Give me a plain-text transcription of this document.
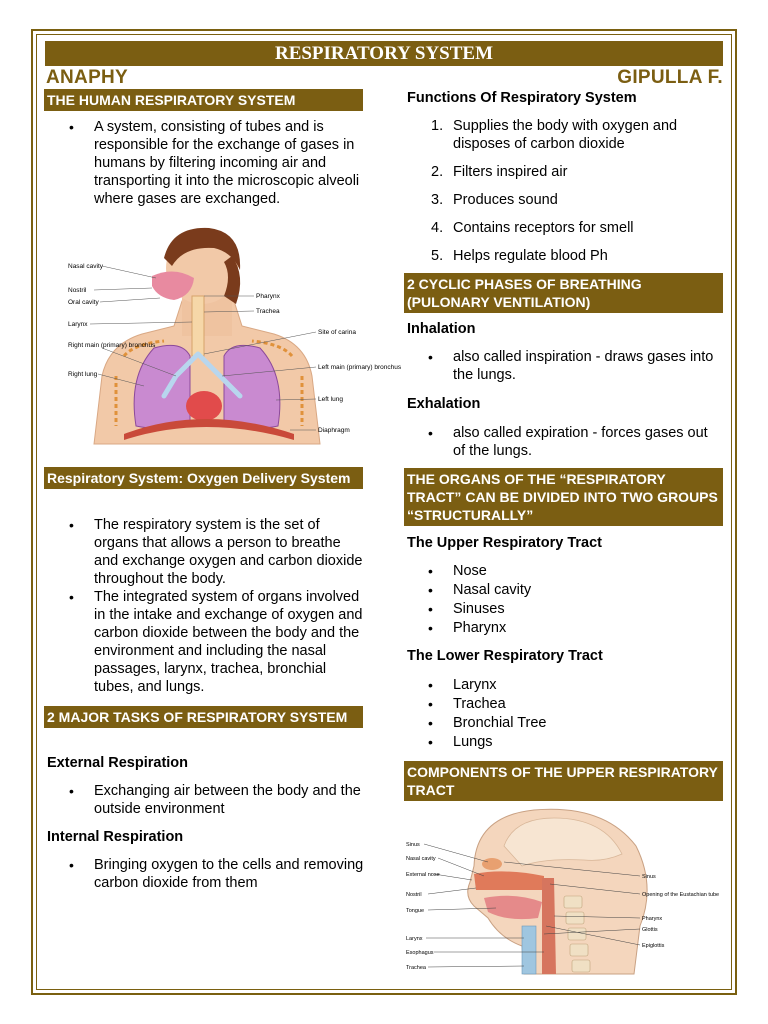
RESPIRATORY SYSTEM
ANAPHY	GIPULLA F.
THE HUMAN RESPIRATORY SYSTEM
• A system, consisting of tubes and is responsible for the exchange of gases in humans by filtering incoming air and transporting it into the microscopic alveoli where gases are exchanged.
Nasal cavity
Nostril
Oral cavity
Larynx
Right main (primary) bronchus
Right lung
Pharynx
Trachea
Site of carina
Left main (primary) bronchus
Left lung
Diaphragm
Respiratory System: Oxygen Delivery System
• The respiratory system is the set of organs that allows a person to breathe and exchange oxygen and carbon dioxide throughout the body.
• The integrated system of organs involved in the intake and exchange of oxygen and carbon dioxide between the body and the environment and including the nasal passages, larynx, trachea, bronchial tubes, and lungs.
2 MAJOR TASKS OF RESPIRATORY SYSTEM
External Respiration
• Exchanging air between the body and the outside environment
Internal Respiration
• Bringing oxygen to the cells and removing carbon dioxide from them
Functions Of Respiratory System
1. Supplies the body with oxygen and disposes of carbon dioxide
2. Filters inspired air
3. Produces sound
4. Contains receptors for smell
5. Helps regulate blood Ph
2 CYCLIC PHASES OF BREATHING (PULONARY VENTILATION)
Inhalation
• also called inspiration - draws gases into the lungs.
Exhalation
• also called expiration - forces gases out of the lungs.
THE ORGANS OF THE “RESPIRATORY TRACT” CAN BE DIVIDED INTO TWO GROUPS “STRUCTURALLY”
The Upper Respiratory Tract
• Nose
• Nasal cavity
• Sinuses
• Pharynx
The Lower Respiratory Tract
• Larynx
• Trachea
• Bronchial Tree
• Lungs
COMPONENTS OF THE UPPER RESPIRATORY TRACT
Sinus
Nasal cavity
External nose
Nostril
Tongue
Larynx
Esophagus
Trachea
Sinus
Opening of the Eustachian tube
Pharynx
Glottis
Epiglottis
